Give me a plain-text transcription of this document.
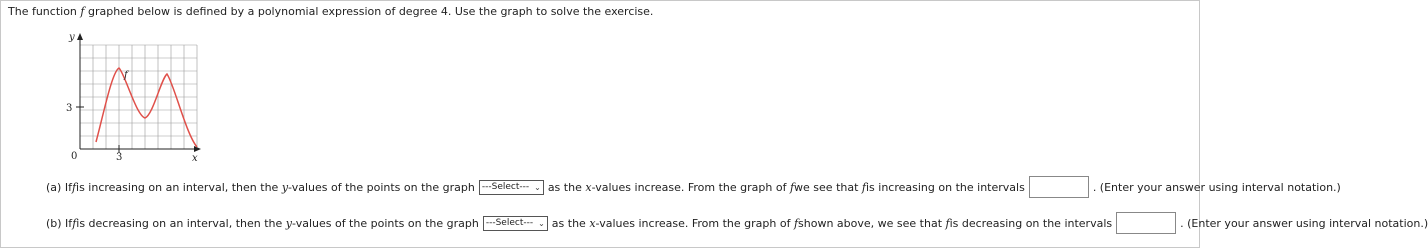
The function f graphed below is defined by a polynomial expression of degree 4. Use the graph to solve the exercise.
y
x
f
0	3
3
(a) If f is increasing on an interval, then the
y -values of the points on the graph ---Select--- ⌄ as the
x -values increase. From the graph of
f we see that
f is increasing on the intervals	. (Enter your answer using interval notation.)
(b) If f is decreasing on an interval, then the
y -values of the points on the graph ---Select--- ⌄ as the
x -values increase. From the graph of
f shown above, we see that
f is decreasing on the intervals	. (Enter your answer using interval notation.)
